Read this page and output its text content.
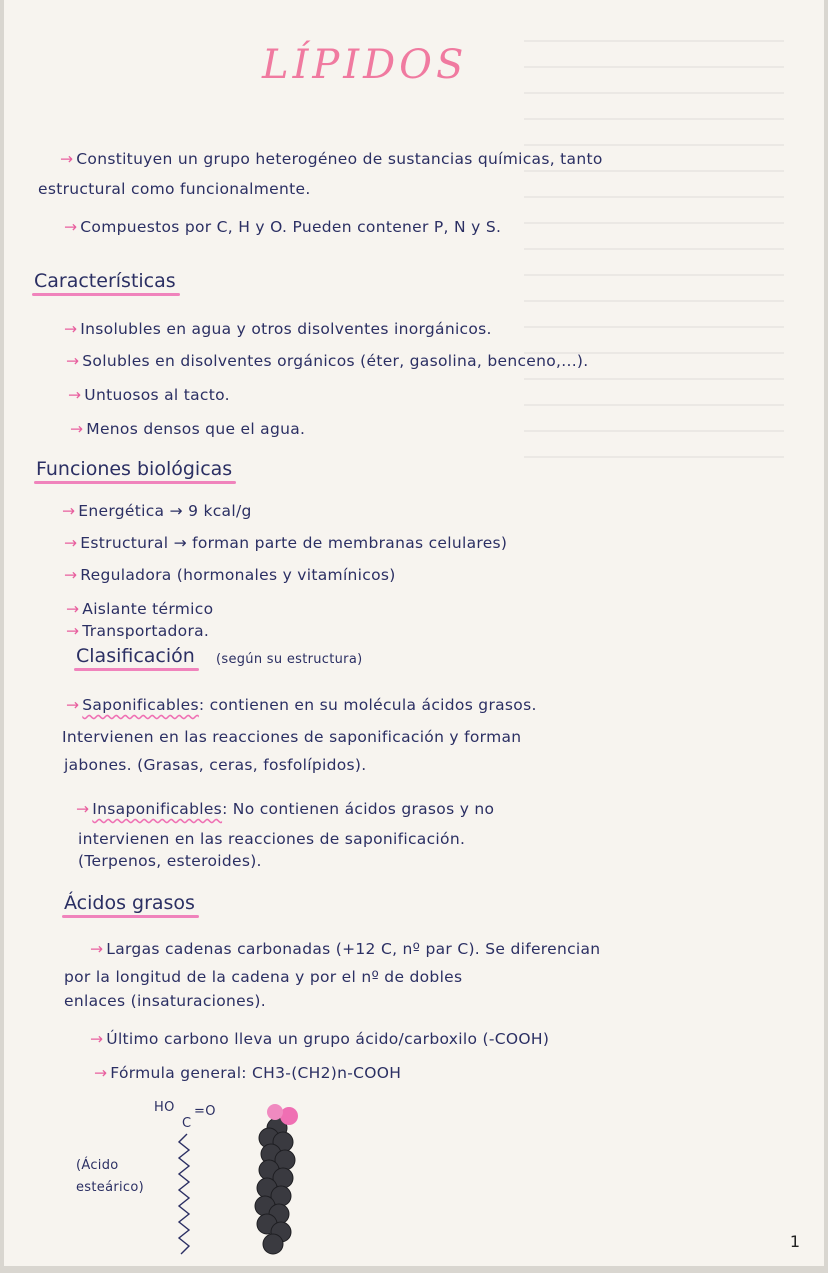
LÍPIDOS
→ Constituyen un grupo heterogéneo de sustancias químicas, tanto
estructural como funcionalmente.
→ Compuestos por C, H y O. Pueden contener P, N y S.
Características
→ Insolubles en agua y otros disolventes inorgánicos.
→ Solubles en disolventes orgánicos (éter, gasolina, benceno,...).
→ Untuosos al tacto.
→ Menos densos que el agua.
Funciones biológicas
→ Energética → 9 kcal/g
→ Estructural → forman parte de membranas celulares)
→ Reguladora (hormonales y vitamínicos)
→ Aislante térmico
→ Transportadora.
Clasificación (según su estructura)
→ Saponificables: contienen en su molécula ácidos grasos.
Intervienen en las reacciones de saponificación y forman
jabones. (Grasas, ceras, fosfolípidos).
→ Insaponificables: No contienen ácidos grasos y no
intervienen en las reacciones de saponificación.
(Terpenos, esteroides).
Ácidos grasos
→ Largas cadenas carbonadas (+12 C, nº par C). Se diferencian
por la longitud de la cadena y por el nº de dobles
enlaces (insaturaciones).
→ Último carbono lleva un grupo ácido/carboxilo (-COOH)
→ Fórmula general: CH3-(CH2)n-COOH
HO
C
=O
(Ácido
esteárico)
1
